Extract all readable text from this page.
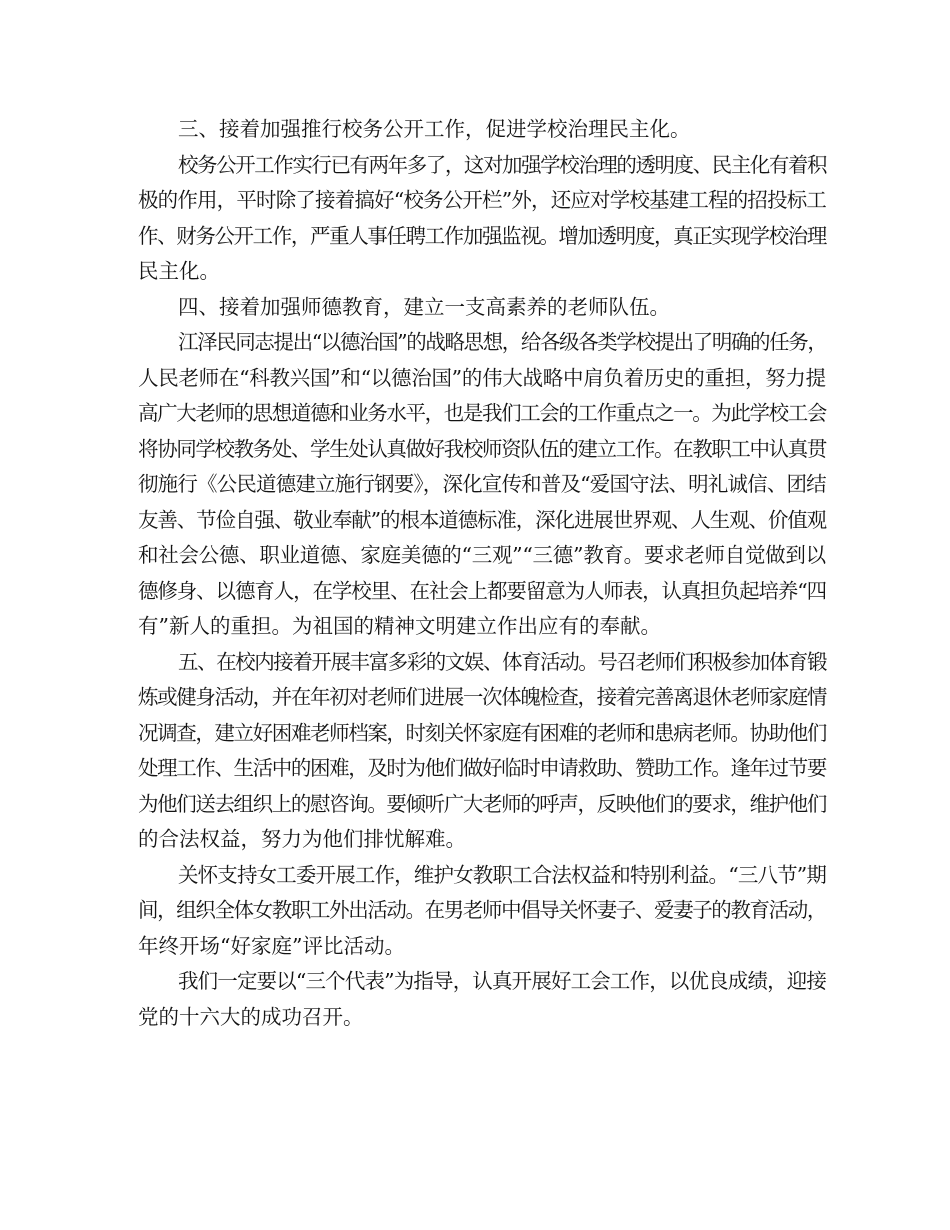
三、接着加强推行校务公开工作，促进学校治理民主化。
校务公开工作实行已有两年多了，这对加强学校治理的透明度、民主化有着积
极的作用，平时除了接着搞好“校务公开栏”外，还应对学校基建工程的招投标工
作、财务公开工作，严重人事任聘工作加强监视。增加透明度，真正实现学校治理
民主化。
四、接着加强师德教育，建立一支高素养的老师队伍。
江泽民同志提出“以德治国”的战略思想，给各级各类学校提出了明确的任务，
人民老师在“科教兴国”和“以德治国”的伟大战略中肩负着历史的重担，努力提
高广大老师的思想道德和业务水平，也是我们工会的工作重点之一。为此学校工会
将协同学校教务处、学生处认真做好我校师资队伍的建立工作。在教职工中认真贯
彻施行《公民道德建立施行钢要》，深化宣传和普及“爱国守法、明礼诚信、团结
友善、节俭自强、敬业奉献”的根本道德标准，深化进展世界观、人生观、价值观
和社会公德、职业道德、家庭美德的“三观”“三德”教育。要求老师自觉做到以
德修身、以德育人，在学校里、在社会上都要留意为人师表，认真担负起培养“四
有”新人的重担。为祖国的精神文明建立作出应有的奉献。
五、在校内接着开展丰富多彩的文娱、体育活动。号召老师们积极参加体育锻
炼或健身活动，并在年初对老师们进展一次体魄检查，接着完善离退休老师家庭情
况调查，建立好困难老师档案，时刻关怀家庭有困难的老师和患病老师。协助他们
处理工作、生活中的困难，及时为他们做好临时申请救助、赞助工作。逢年过节要
为他们送去组织上的慰咨询。要倾听广大老师的呼声，反映他们的要求，维护他们
的合法权益，努力为他们排忧解难。
关怀支持女工委开展工作，维护女教职工合法权益和特别利益。“三八节”期
间，组织全体女教职工外出活动。在男老师中倡导关怀妻子、爱妻子的教育活动，
年终开场“好家庭”评比活动。
我们一定要以“三个代表”为指导，认真开展好工会工作，以优良成绩，迎接
党的十六大的成功召开。
